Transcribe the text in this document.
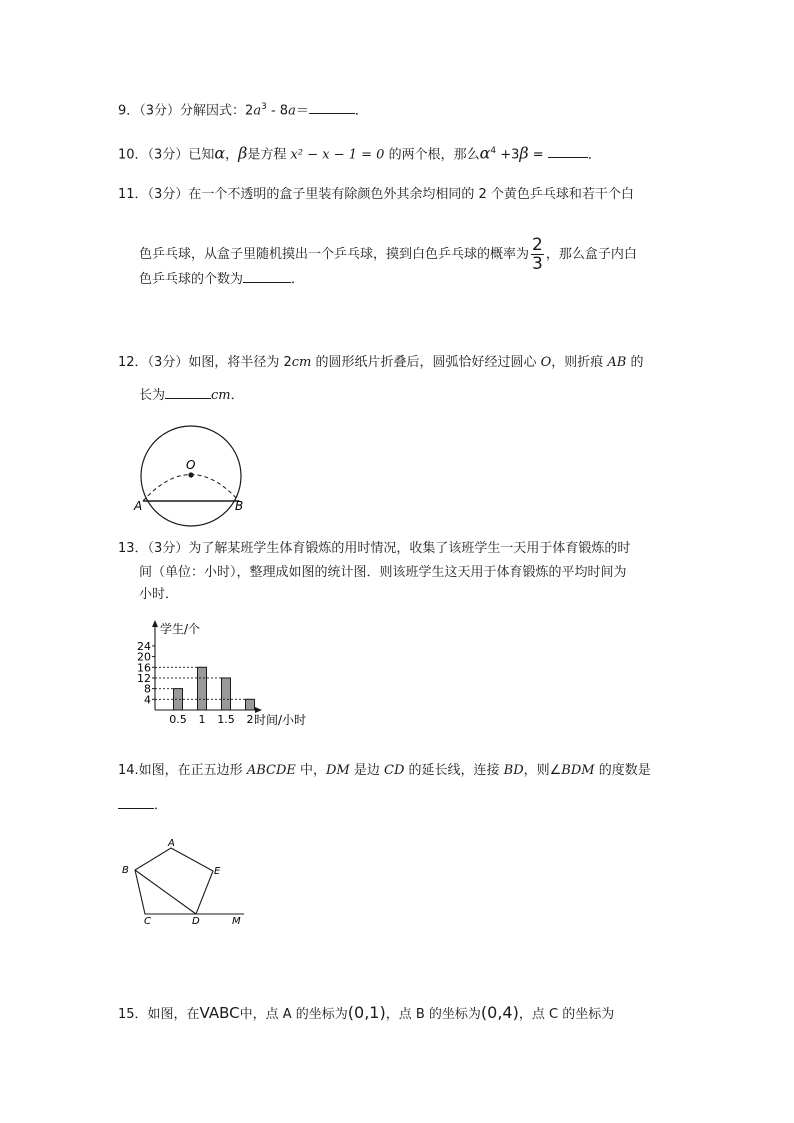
9．（3分）分解因式：$2a^3 - 8a=$	．
10．（3分）已知α，β是方程 x² − x − 1 = 0 的两个根，那么$\alpha^4 +3\beta$ =	．
11．（3分）在一个不透明的盒子里装有除颜色外其余均相同的 2 个黄色乒乓球和若干个白
色乒乓球，从盒子里随机摸出一个乒乓球，摸到白色乒乓球的概率为 $\frac{2}{3}$ ，那么盒子内白
色乒乓球的个数为	．
12．（3分）如图，将半径为 2cm 的圆形纸片折叠后，圆弧恰好经过圆心 O，则折痕 AB 的
长为	cm．
O
A	B
13．（3分）为了解某班学生体育锻炼的用时情况，收集了该班学生一天用于体育锻炼的时
间（单位：小时），整理成如图的统计图．则该班学生这天用于体育锻炼的平均时间为
小时．
学生/个
时间/小时
4
8
12
16
20
24
0.5 1 1.5 2
14.如图，在正五边形 ABCDE 中，DM 是边 CD 的延长线，连接 BD，则∠BDM 的度数是
．
A
B
C	D
E
M
15．如图，在VABC中，点 A 的坐标为(0,1)，点 B 的坐标为(0,4)，点 C 的坐标为
